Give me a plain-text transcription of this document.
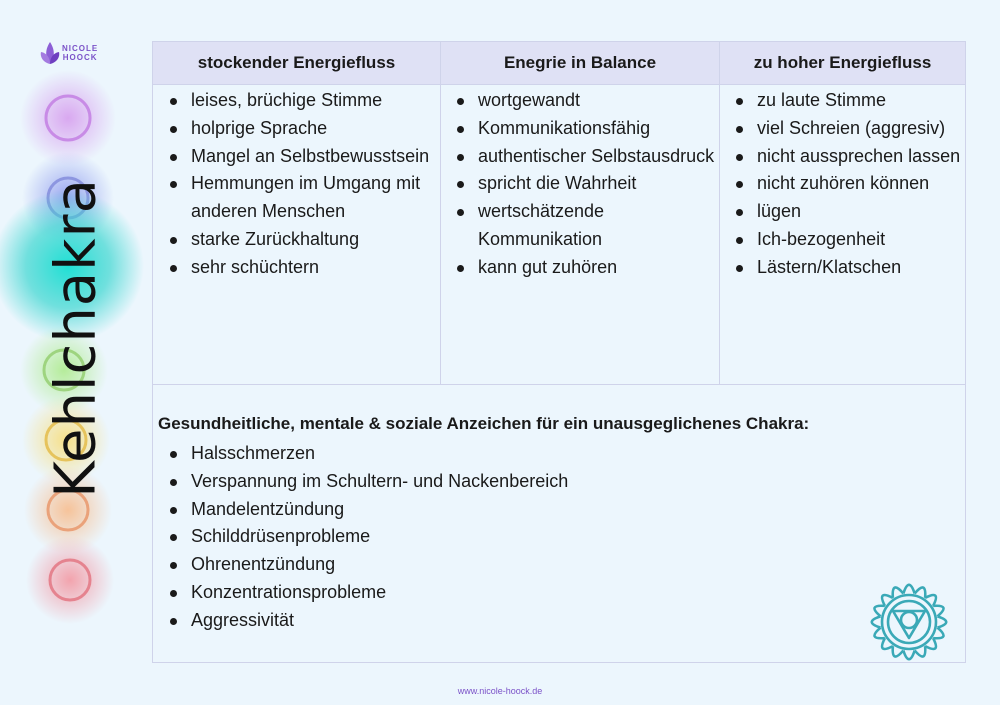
NICOLE
HOOCK
Kehlchakra
stockender Energiefluss	Enegrie in Balance	zu hoher Energiefluss
leises, brüchige Stimme
holprige Sprache
Mangel an Selbstbewusstsein
Hemmungen im Umgang mit anderen Menschen
starke Zurückhaltung
sehr schüchtern
wortgewandt
Kommunikationsfähig
authentischer Selbstausdruck
spricht die Wahrheit
wertschätzende Kommunikation
kann gut zuhören
zu laute Stimme
viel Schreien (aggresiv)
nicht aussprechen lassen
nicht zuhören können
lügen
Ich-bezogenheit
Lästern/Klatschen
Gesundheitliche, mentale & soziale Anzeichen für ein unausgeglichenes Chakra:
Halsschmerzen
Verspannung im Schultern- und Nackenbereich
Mandelentzündung
Schilddrüsenprobleme
Ohrenentzündung
Konzentrationsprobleme
Aggressivität
www.nicole-hoock.de
